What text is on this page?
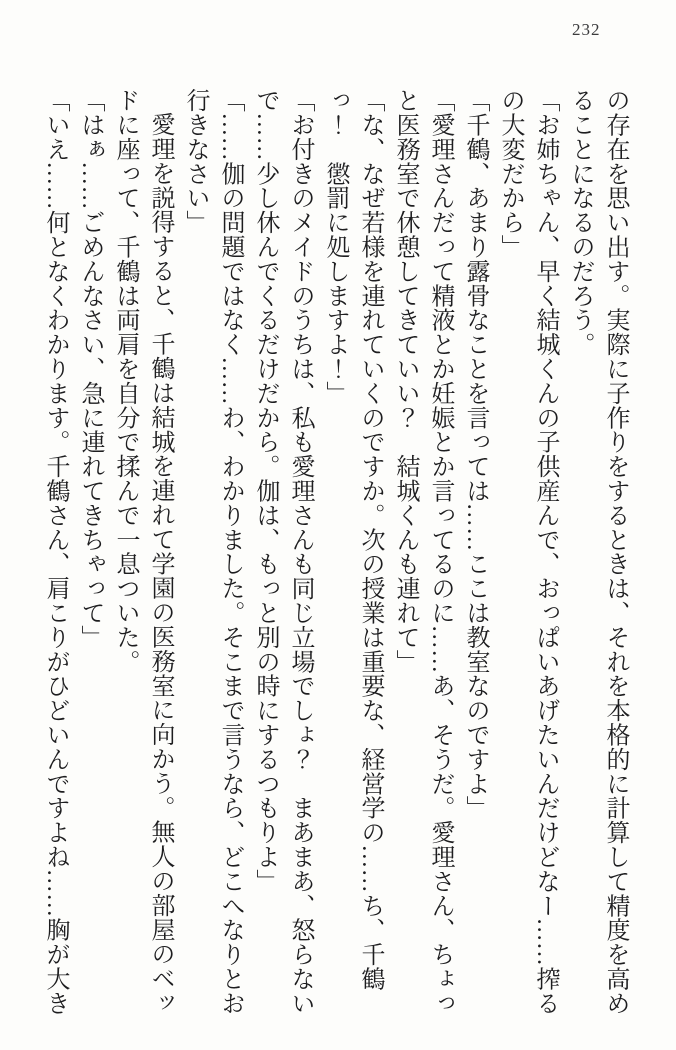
232

の存在を思い出す。実際に子作りをするときは、それを本格的に計算して精度を高めることになるのだろう。

「お姉ちゃん、早く結城くんの子供産んで、おっぱいあげたいんだけどなー……搾るの大変だから」

「千鶴、あまり露骨なことを言っては……ここは教室なのですよ」

「愛理さんだって精液とか妊娠とか言ってるのに……あ、そうだ。愛理さん、ちょっと医務室で休憩してきていい？　結城くんも連れて」

「な、なぜ若様を連れていくのですか。次の授業は重要な、経営学の……ち、千鶴っ！　懲罰に処しますよ！」

「お付きのメイドのうちは、私も愛理さんも同じ立場でしょ？　まあまあ、怒らないで……少し休んでくるだけだから。伽は、もっと別の時にするつもりよ」

「……伽の問題ではなく……わ、わかりました。そこまで言うなら、どこへなりとお行きなさい」

愛理を説得すると、千鶴は結城を連れて学園の医務室に向かう。無人の部屋のベッドに座って、千鶴は両肩を自分で揉んで一息ついた。

「はぁ……ごめんなさい、急に連れてきちゃって」

「いえ……何となくわかります。千鶴さん、肩こりがひどいんですよね……胸が大き
